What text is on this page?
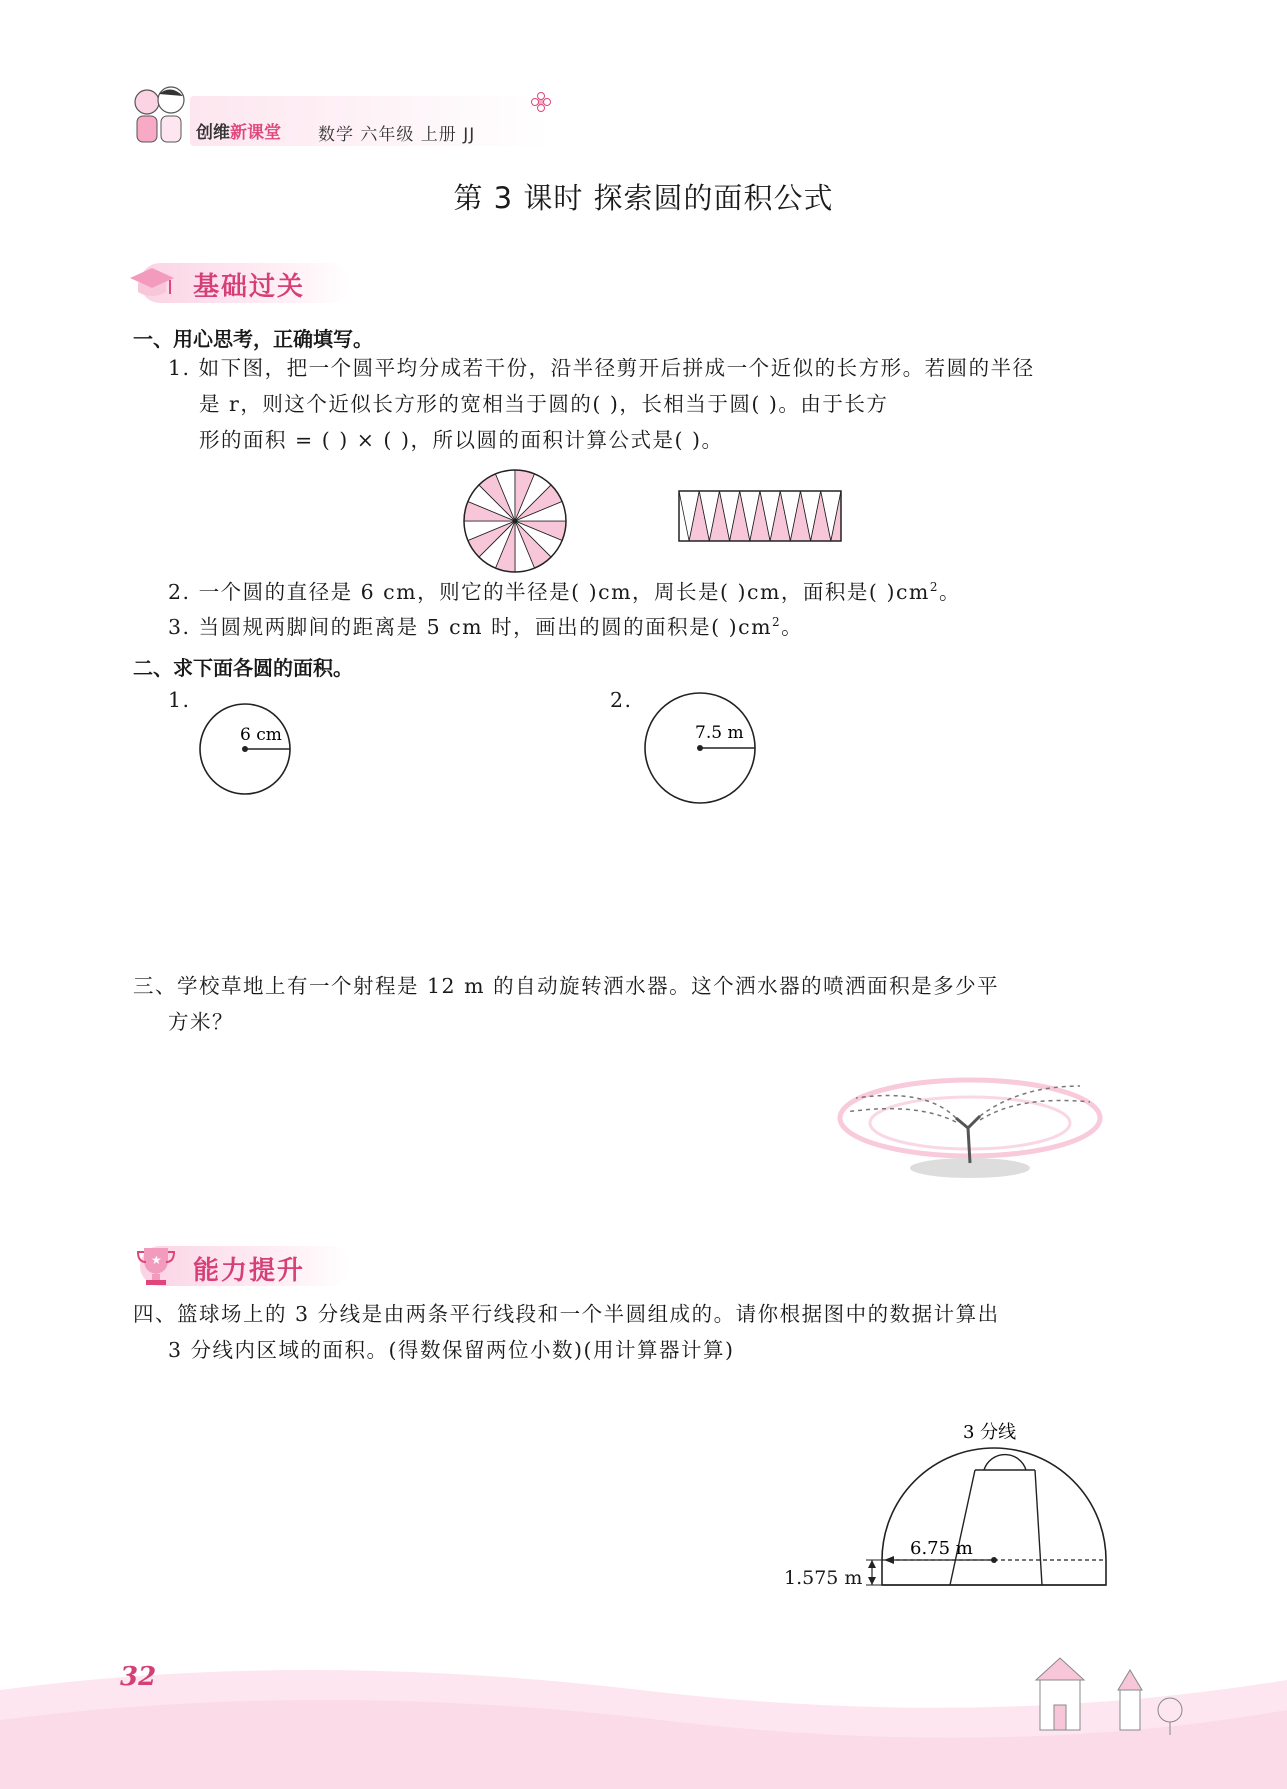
创维新课堂 数学 六年级 上册 JJ
第 3 课时 探索圆的面积公式
基础过关
一、用心思考，正确填写。
1. 如下图，把一个圆平均分成若干份，沿半径剪开后拼成一个近似的长方形。若圆的半径
是 r，则这个近似长方形的宽相当于圆的( )，长相当于圆( )。由于长方
形的面积 = ( ) × ( )，所以圆的面积计算公式是( )。
2. 一个圆的直径是 6 cm，则它的半径是( )cm，周长是( )cm，面积是( )$cm^2$。
3. 当圆规两脚间的距离是 5 cm 时，画出的圆的面积是( )$cm^2$。
二、求下面各圆的面积。
1.
6 cm
2.
7.5 m
三、学校草地上有一个射程是 12 m 的自动旋转洒水器。这个洒水器的喷洒面积是多少平
方米？
★ 能力提升
四、篮球场上的 3 分线是由两条平行线段和一个半圆组成的。请你根据图中的数据计算出
3 分线内区域的面积。(得数保留两位小数)(用计算器计算)
3 分线
6.75 m
1.575 m
32
